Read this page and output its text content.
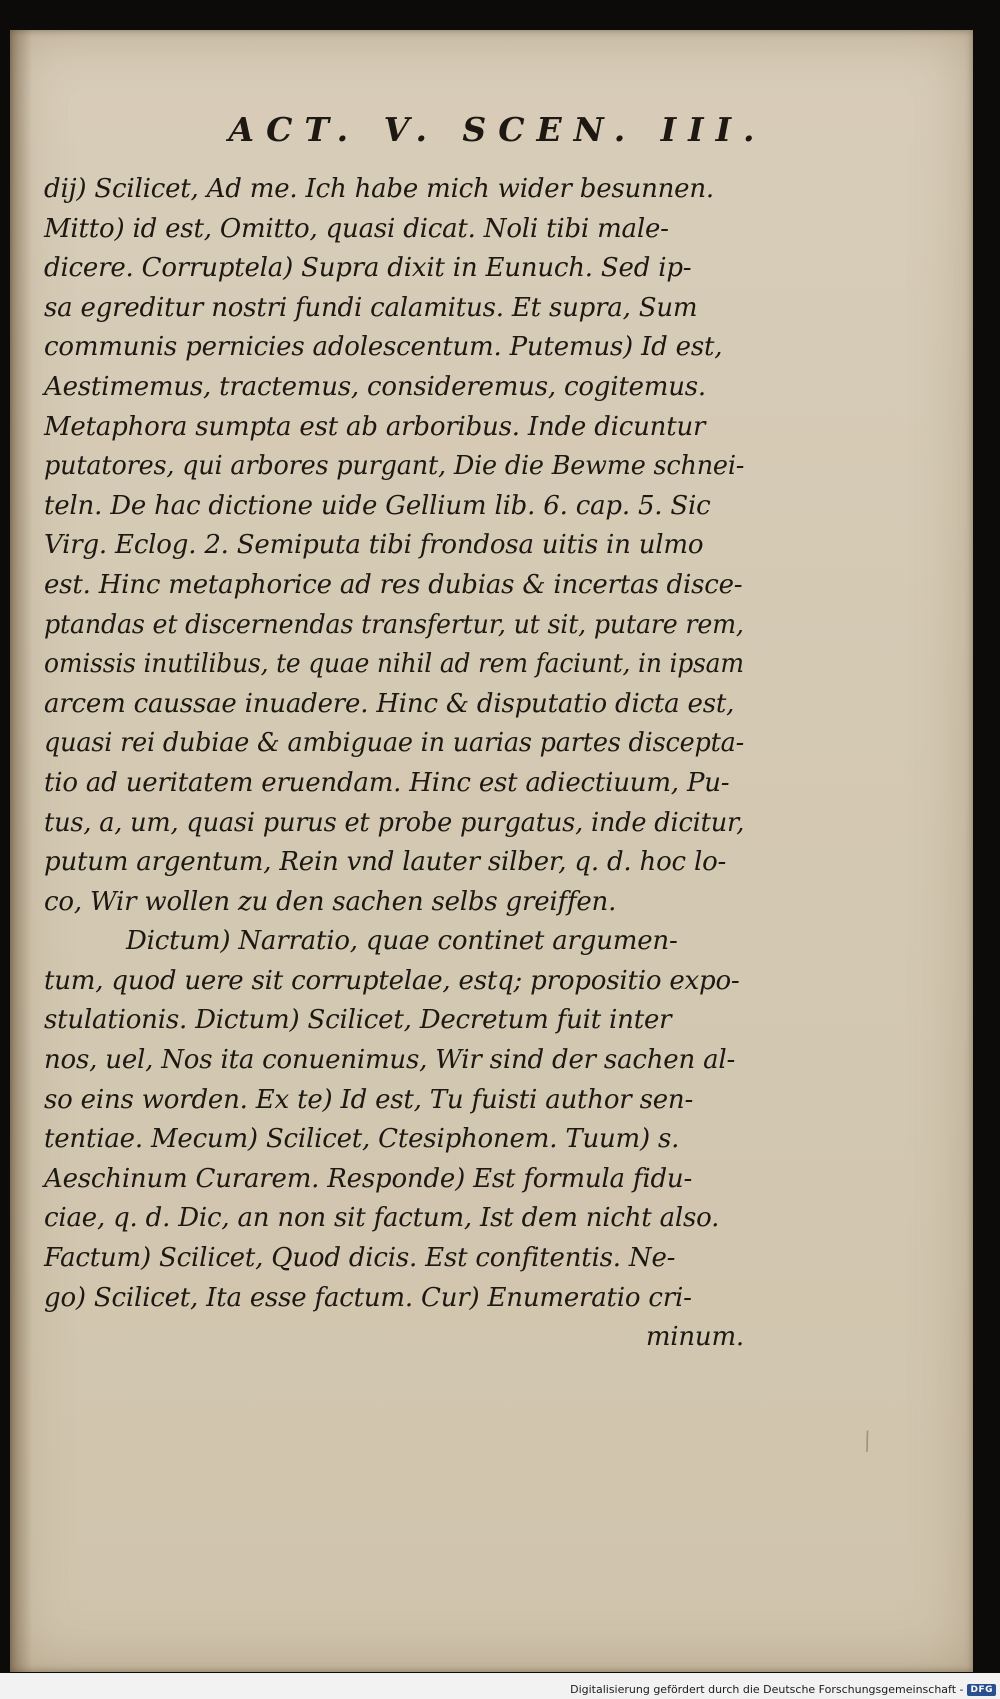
ACT. V. SCEN. III.
dij) Scilicet, Ad me. Ich habe mich wider besunnen.
Mitto) id est, Omitto, quasi dicat. Noli tibi male-
dicere. Corruptela) Supra dixit in Eunuch. Sed ip-
sa egreditur nostri fundi calamitus. Et supra, Sum
communis pernicies adolescentum. Putemus) Id est,
Aestimemus, tractemus, consideremus, cogitemus.
Metaphora sumpta est ab arboribus. Inde dicuntur
putatores, qui arbores purgant, Die die Bewme schnei-
teln. De hac dictione uide Gellium lib. 6. cap. 5. Sic
Virg. Eclog. 2. Semiputa tibi frondosa uitis in ulmo
est. Hinc metaphorice ad res dubias & incertas disce-
ptandas et discernendas transfertur, ut sit, putare rem,
omissis inutilibus, te quae nihil ad rem faciunt, in ipsam
arcem caussae inuadere. Hinc & disputatio dicta est,
quasi rei dubiae & ambiguae in uarias partes discepta-
tio ad ueritatem eruendam. Hinc est adiectiuum, Pu-
tus, a, um, quasi purus et probe purgatus, inde dicitur,
putum argentum, Rein vnd lauter silber, q. d. hoc lo-
co, Wir wollen zu den sachen selbs greiffen.
Dictum) Narratio, quae continet argumen-
tum, quod uere sit corruptelae, estq; propositio expo-
stulationis. Dictum) Scilicet, Decretum fuit inter
nos, uel, Nos ita conuenimus, Wir sind der sachen al-
so eins worden. Ex te) Id est, Tu fuisti author sen-
tentiae. Mecum) Scilicet, Ctesiphonem. Tuum) s.
Aeschinum Curarem. Responde) Est formula fidu-
ciae, q. d. Dic, an non sit factum, Ist dem nicht also.
Factum) Scilicet, Quod dicis. Est confitentis. Ne-
go) Scilicet, Ita esse factum. Cur) Enumeratio cri-
minum.
⁄
Digitalisierung gefördert durch die Deutsche Forschungsgemeinschaft - DFG
